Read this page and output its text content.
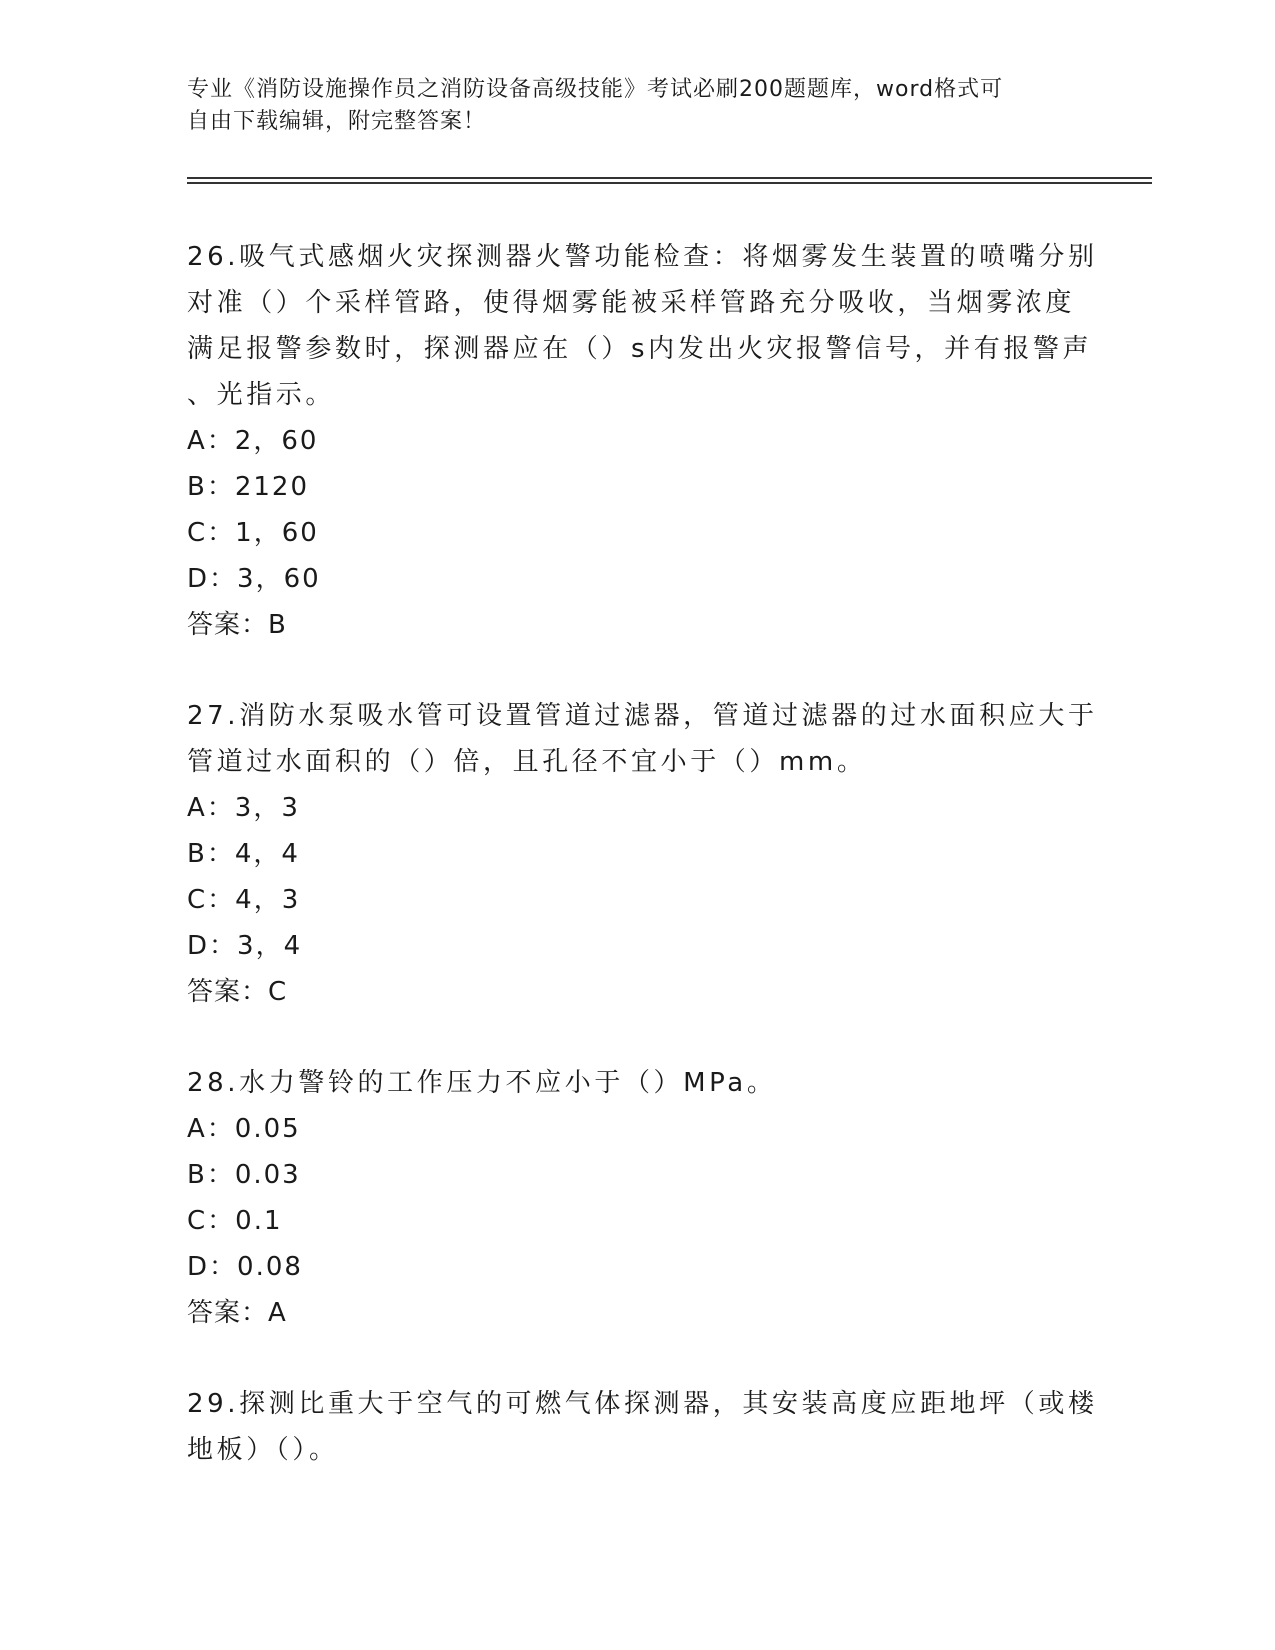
专业《消防设施操作员之消防设备高级技能》考试必刷200题题库，word格式可
自由下载编辑，附完整答案！
26.吸气式感烟火灾探测器火警功能检查：将烟雾发生装置的喷嘴分别
对准（）个采样管路，使得烟雾能被采样管路充分吸收，当烟雾浓度
满足报警参数时，探测器应在（）s内发出火灾报警信号，并有报警声
、光指示。
A：2，60
B：2120
C：1，60
D：3，60
答案：B
27.消防水泵吸水管可设置管道过滤器，管道过滤器的过水面积应大于
管道过水面积的（）倍，且孔径不宜小于（）mm。
A：3，3
B：4，4
C：4，3
D：3，4
答案：C
28.水力警铃的工作压力不应小于（）MPa。
A：0.05
B：0.03
C：0.1
D：0.08
答案：A
29.探测比重大于空气的可燃气体探测器，其安装高度应距地坪（或楼
地板）（）。
